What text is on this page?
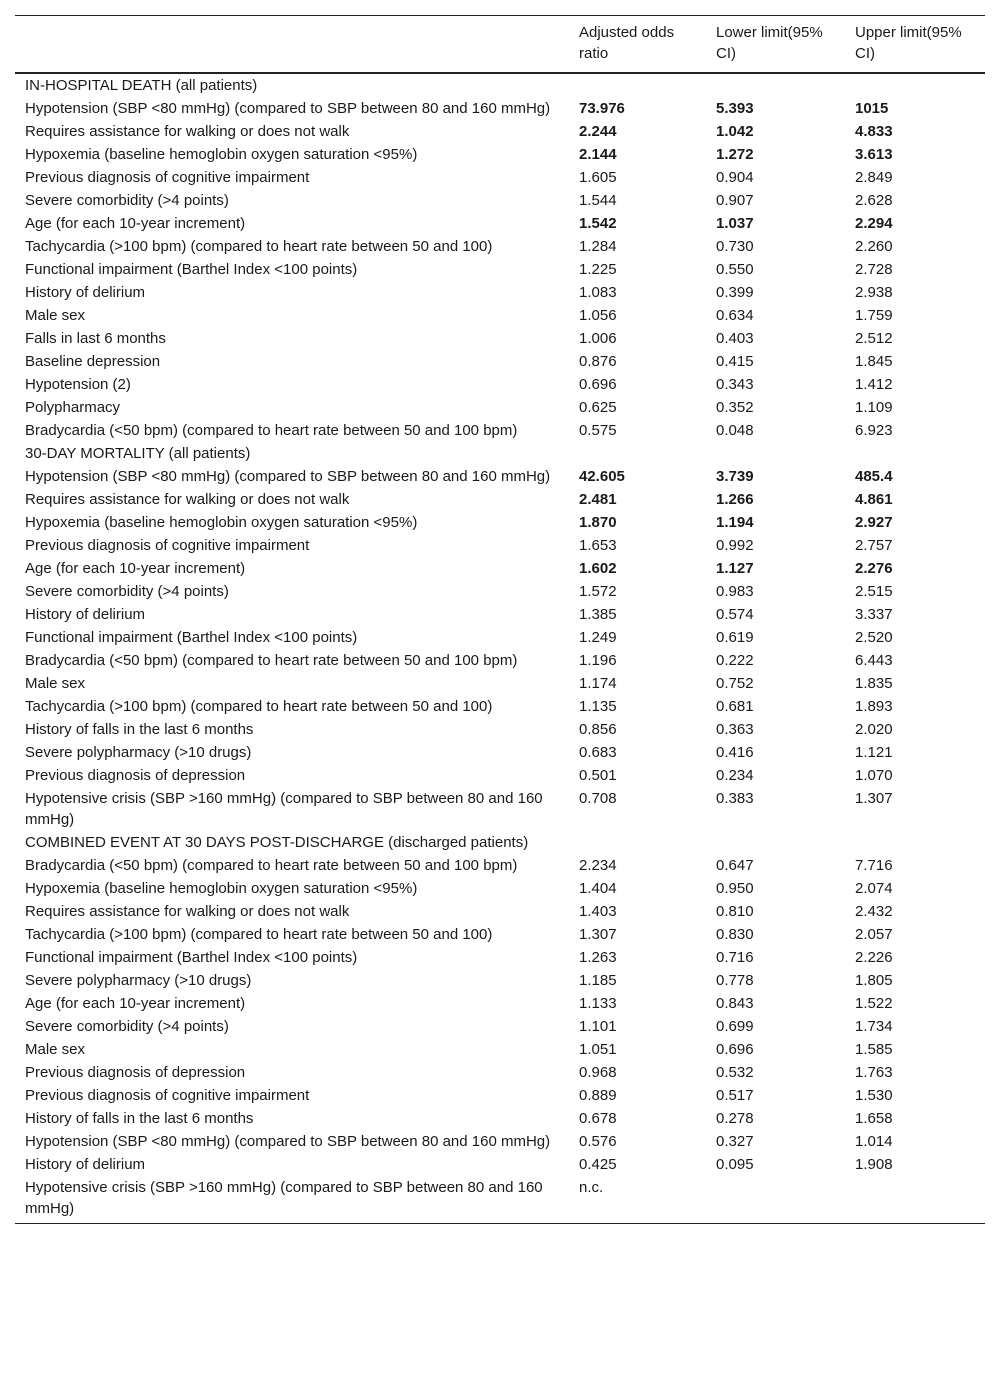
	Adjusted odds ratio	Lower limit(95% CI)	Upper limit(95% CI)
IN-HOSPITAL DEATH (all patients)			
Hypotension (SBP <80 mmHg) (compared to SBP between 80 and 160 mmHg)	73.976	5.393	1015
Requires assistance for walking or does not walk	2.244	1.042	4.833
Hypoxemia (baseline hemoglobin oxygen saturation <95%)	2.144	1.272	3.613
Previous diagnosis of cognitive impairment	1.605	0.904	2.849
Severe comorbidity (>4 points)	1.544	0.907	2.628
Age (for each 10-year increment)	1.542	1.037	2.294
Tachycardia (>100 bpm) (compared to heart rate between 50 and 100)	1.284	0.730	2.260
Functional impairment (Barthel Index <100 points)	1.225	0.550	2.728
History of delirium	1.083	0.399	2.938
Male sex	1.056	0.634	1.759
Falls in last 6 months	1.006	0.403	2.512
Baseline depression	0.876	0.415	1.845
Hypotension (2)	0.696	0.343	1.412
Polypharmacy	0.625	0.352	1.109
Bradycardia (<50 bpm) (compared to heart rate between 50 and 100 bpm)	0.575	0.048	6.923
30-DAY MORTALITY (all patients)			
Hypotension (SBP <80 mmHg) (compared to SBP between 80 and 160 mmHg)	42.605	3.739	485.4
Requires assistance for walking or does not walk	2.481	1.266	4.861
Hypoxemia (baseline hemoglobin oxygen saturation <95%)	1.870	1.194	2.927
Previous diagnosis of cognitive impairment	1.653	0.992	2.757
Age (for each 10-year increment)	1.602	1.127	2.276
Severe comorbidity (>4 points)	1.572	0.983	2.515
History of delirium	1.385	0.574	3.337
Functional impairment (Barthel Index <100 points)	1.249	0.619	2.520
Bradycardia (<50 bpm) (compared to heart rate between 50 and 100 bpm)	1.196	0.222	6.443
Male sex	1.174	0.752	1.835
Tachycardia (>100 bpm) (compared to heart rate between 50 and 100)	1.135	0.681	1.893
History of falls in the last 6 months	0.856	0.363	2.020
Severe polypharmacy (>10 drugs)	0.683	0.416	1.121
Previous diagnosis of depression	0.501	0.234	1.070
Hypotensive crisis (SBP >160 mmHg) (compared to SBP between 80 and 160 mmHg)	0.708	0.383	1.307
COMBINED EVENT AT 30 DAYS POST-DISCHARGE (discharged patients)			
Bradycardia (<50 bpm) (compared to heart rate between 50 and 100 bpm)	2.234	0.647	7.716
Hypoxemia (baseline hemoglobin oxygen saturation <95%)	1.404	0.950	2.074
Requires assistance for walking or does not walk	1.403	0.810	2.432
Tachycardia (>100 bpm) (compared to heart rate between 50 and 100)	1.307	0.830	2.057
Functional impairment (Barthel Index <100 points)	1.263	0.716	2.226
Severe polypharmacy (>10 drugs)	1.185	0.778	1.805
Age (for each 10-year increment)	1.133	0.843	1.522
Severe comorbidity (>4 points)	1.101	0.699	1.734
Male sex	1.051	0.696	1.585
Previous diagnosis of depression	0.968	0.532	1.763
Previous diagnosis of cognitive impairment	0.889	0.517	1.530
History of falls in the last 6 months	0.678	0.278	1.658
Hypotension (SBP <80 mmHg) (compared to SBP between 80 and 160 mmHg)	0.576	0.327	1.014
History of delirium	0.425	0.095	1.908
Hypotensive crisis (SBP >160 mmHg) (compared to SBP between 80 and 160 mmHg)	n.c.		
